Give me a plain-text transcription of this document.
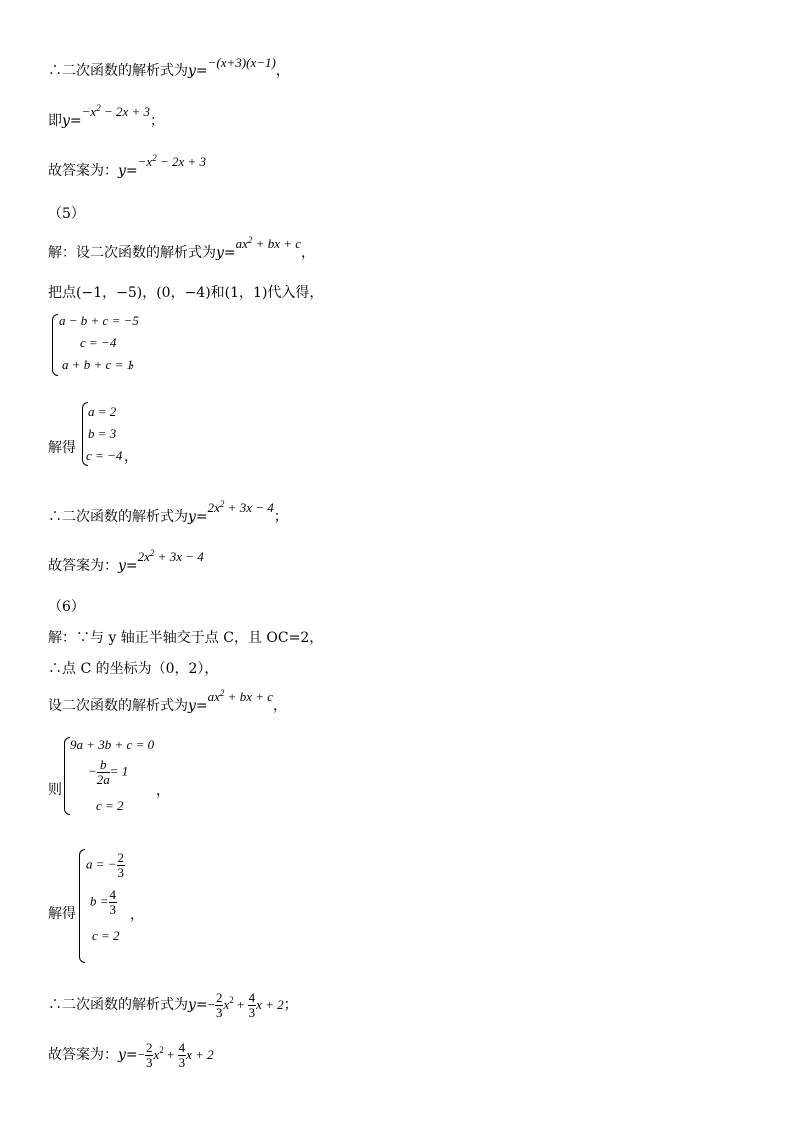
∴二次函数的解析式为y=−(x+3)(x−1)，
即$y=-x^2 - 2x + 3$；
故答案为：$y=-x^2 - 2x + 3$
（5）
解：设二次函数的解析式为$y=ax^2$ + bx + c，
把点(−1，−5)，(0，−4)和(1，1)代入得，
a − b + c = −5
c = −4
a + b + c = 1
，
解得
a = 2
b = 3
c = −4 ，
∴二次函数的解析式为$y=2x^2 + 3x - 4$；
故答案为：$y=2x^2 + 3x - 4$
（6）
解：∵与 y 轴正半轴交于点 C，且 OC=2，
∴点 C 的坐标为（0，2），
设二次函数的解析式为$y=ax^2$ + bx + c，
则
9a + 3b + c = 0
− $\frac{b}{2a} = 1$
c = 2
，
解得
a = − $\frac{2}{3}$
$b = \frac{4}{3}$ ，
c = 2
∴二次函数的解析式为$y=- \frac{2}{3} x^2 + \frac{4}{3}$ x + 2；
故答案为：$y=- \frac{2}{3} x^2 + \frac{4}{3}$ x + 2
